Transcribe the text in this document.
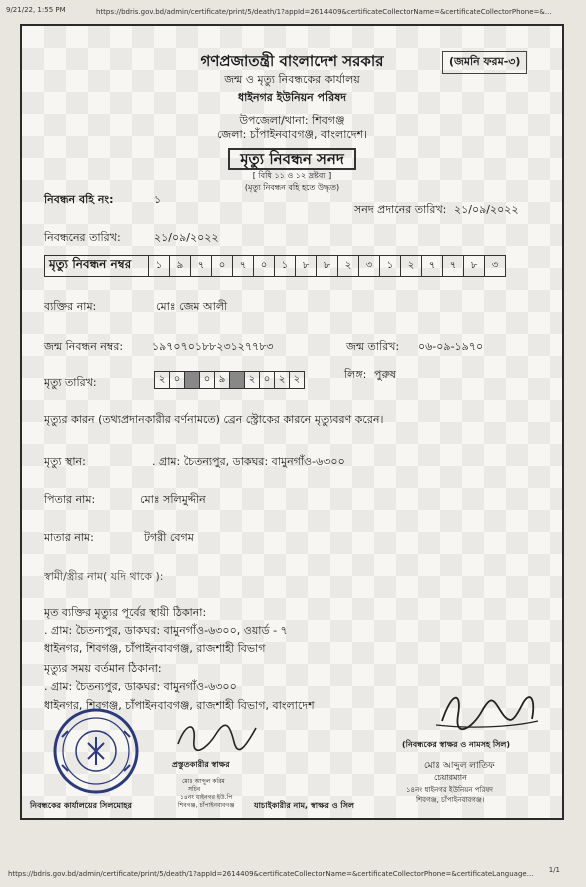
9/21/22, 1:55 PM	https://bdris.gov.bd/admin/certificate/print/5/death/1?appId=2614409&certificateCollectorName=&certificateCollectorPhone=&...
(জমনি ফরম-৩)
গণপ্রজাতন্ত্রী বাংলাদেশ সরকার
জন্ম ও মৃত্যু নিবন্ধকের কার্যালয়
ধাইনগর ইউনিয়ন পরিষদ
উপজেলা/থানা: শিবগঞ্জ
জেলা: চাঁপাইনবাবগঞ্জ, বাংলাদেশ।
মৃত্যু নিবন্ধন সনদ
[ বিধি ১১ ও ১২ দ্রষ্টব্য ]
(মৃত্যু নিবন্ধন বহি হতে উদ্ধৃত)
নিবন্ধন বহি নং:	১
সনদ প্রদানের তারিখ: ২১/০৯/২০২২
নিবন্ধনের তারিখ:	২১/০৯/২০২২
মৃত্যু নিবন্ধন নম্বর	১	৯	৭	০	৭	০	১	৮	৮	২	৩	১	২	৭	৭	৮	৩
ব্যক্তির নাম:	মোঃ জেম আলী
জন্ম নিবন্ধন নম্বর:	১৯৭০৭০১৮৮২৩১২৭৭৮৩	জন্ম তারিখ: ০৬-০৯-১৯৭০
মৃত্যু তারিখ:	২ ০	০ ৯	২ ০ ২ ২	লিঙ্গ: পুরুষ
মৃত্যুর কারন (তথ্যপ্রদানকারীর বর্ণনামতে) ব্রেন স্ট্রোকের কারনে মৃত্যুবরণ করেন।
মৃত্যু স্থান:	. গ্রাম: চৈতন্যপুর, ডাকঘর: বামুনগাঁও-৬৩০০
পিতার নাম:	মোঃ সলিমুদ্দীন
মাতার নাম:	টগরী বেগম
স্বামী/স্ত্রীর নাম( যদি থাকে ):
মৃত ব্যক্তির মৃত্যুর পূর্বের স্থায়ী ঠিকানা:
. গ্রাম: চৈতন্যপুর, ডাকঘর: বামুনগাঁও-৬৩০০, ওয়ার্ড - ৭
ধাইনগর, শিবগঞ্জ, চাঁপাইনবাবগঞ্জ, রাজশাহী বিভাগ
মৃত্যুর সময় বর্তমান ঠিকানা:
. গ্রাম: চৈতন্যপুর, ডাকঘর: বামুনগাঁও-৬৩০০
ধাইনগর, শিবগঞ্জ, চাঁপাইনবাবগঞ্জ, রাজশাহী বিভাগ, বাংলাদেশ
(নিবন্ধকের স্বাক্ষর ও নামসহ সিল)
মোঃ আব্দুল লাতিফ
চেয়ারম্যান
১৪নং ধাইনগর ইউনিয়ন পরিষদ
শিবগঞ্জ, চাঁপাইনবাবগঞ্জ।
প্রস্তুতকারীর স্বাক্ষর
মোঃ আব্দুল করিম
সচিব
১৪নং ধাইনগর ইউ.পি
শিবগঞ্জ, চাঁপাইনবাবগঞ্জ
নিবন্ধকের কার্যালয়ের সিলমোহর	যাচাইকারীর নাম, স্বাক্ষর ও সিল
https://bdris.gov.bd/admin/certificate/print/5/death/1?appId=2614409&certificateCollectorName=&certificateCollectorPhone=&certificateLanguage... 1/1
